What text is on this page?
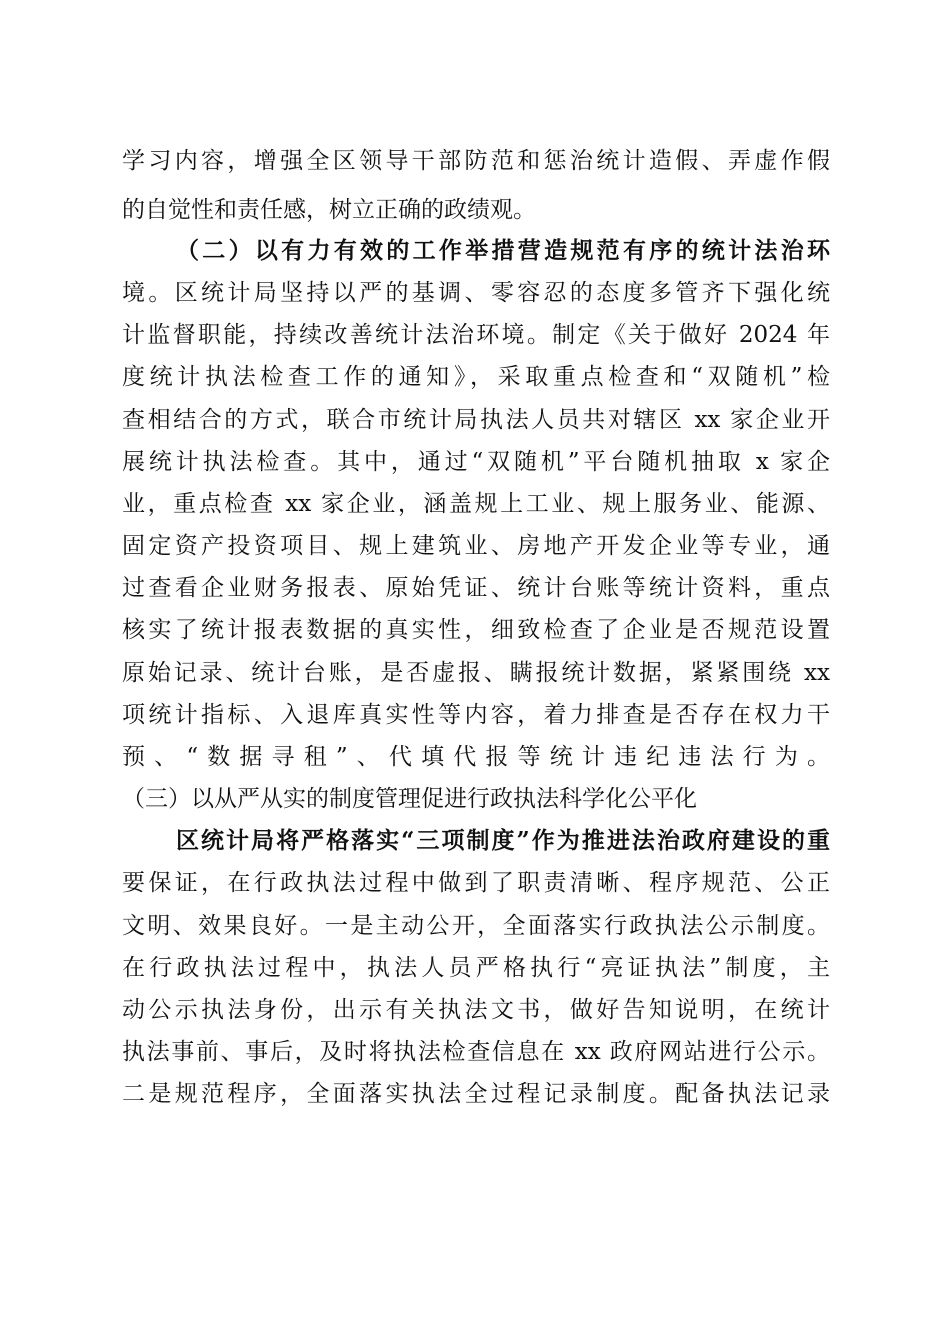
学习内容，增强全区领导干部防范和惩治统计造假、弄虚作假
的自觉性和责任感，树立正确的政绩观。
（二）以有力有效的工作举措营造规范有序的统计法治环
境。区统计局坚持以严的基调、零容忍的态度多管齐下强化统
计监督职能，持续改善统计法治环境。制定《关于做好 2024 年
度统计执法检查工作的通知》，采取重点检查和“双随机”检
查相结合的方式，联合市统计局执法人员共对辖区 xx 家企业开
展统计执法检查。其中，通过“双随机”平台随机抽取 x 家企
业，重点检查 xx 家企业，涵盖规上工业、规上服务业、能源、
固定资产投资项目、规上建筑业、房地产开发企业等专业，通
过查看企业财务报表、原始凭证、统计台账等统计资料，重点
核实了统计报表数据的真实性，细致检查了企业是否规范设置
原始记录、统计台账，是否虚报、瞒报统计数据，紧紧围绕 xx
项统计指标、入退库真实性等内容，着力排查是否存在权力干
预、“数据寻租”、代填代报等统计违纪违法行为。
（三）以从严从实的制度管理促进行政执法科学化公平化
区统计局将严格落实“三项制度”作为推进法治政府建设的重
要保证，在行政执法过程中做到了职责清晰、程序规范、公正
文明、效果良好。一是主动公开，全面落实行政执法公示制度。
在行政执法过程中，执法人员严格执行“亮证执法”制度，主
动公示执法身份，出示有关执法文书，做好告知说明，在统计
执法事前、事后，及时将执法检查信息在 xx 政府网站进行公示。
二是规范程序，全面落实执法全过程记录制度。配备执法记录
